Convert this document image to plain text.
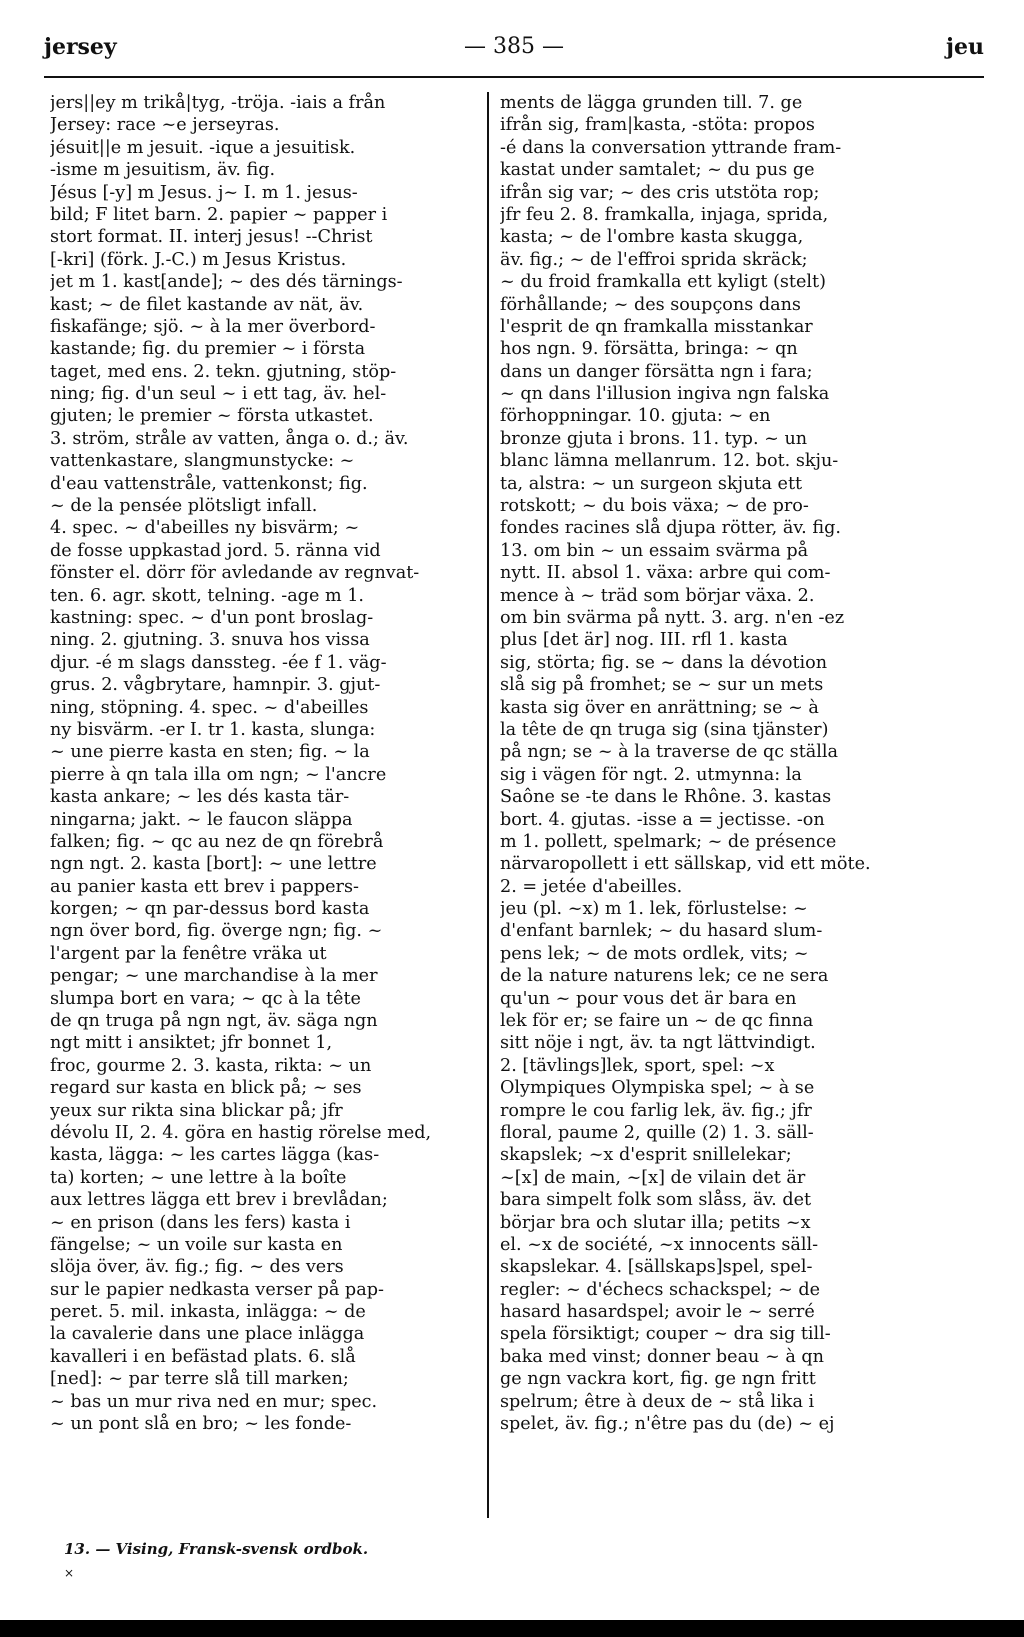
jersey	— 385 —	jeu
jers||ey m trikå|tyg, -tröja. -iais a från
Jersey: race ~e jerseyras.
jésuit||e m jesuit. -ique a jesuitisk.
-isme m jesuitism, äv. fig.
Jésus [-y] m Jesus. j~ I. m 1. jesus-
bild; F litet barn. 2. papier ~ papper i
stort format. II. interj jesus! --Christ
[-kri] (förk. J.-C.) m Jesus Kristus.
jet m 1. kast[ande]; ~ des dés tärnings-
kast; ~ de filet kastande av nät, äv.
fiskafänge; sjö. ~ à la mer överbord-
kastande; fig. du premier ~ i första
taget, med ens. 2. tekn. gjutning, stöp-
ning; fig. d'un seul ~ i ett tag, äv. hel-
gjuten; le premier ~ första utkastet.
3. ström, stråle av vatten, ånga o. d.; äv.
vattenkastare, slangmunstycke: ~
d'eau vattenstråle, vattenkonst; fig.
~ de la pensée plötsligt infall.
4. spec. ~ d'abeilles ny bisvärm; ~
de fosse uppkastad jord. 5. ränna vid
fönster el. dörr för avledande av regnvat-
ten. 6. agr. skott, telning. -age m 1.
kastning: spec. ~ d'un pont broslag-
ning. 2. gjutning. 3. snuva hos vissa
djur. -é m slags danssteg. -ée f 1. väg-
grus. 2. vågbrytare, hamnpir. 3. gjut-
ning, stöpning. 4. spec. ~ d'abeilles
ny bisvärm. -er I. tr 1. kasta, slunga:
~ une pierre kasta en sten; fig. ~ la
pierre à qn tala illa om ngn; ~ l'ancre
kasta ankare; ~ les dés kasta tär-
ningarna; jakt. ~ le faucon släppa
falken; fig. ~ qc au nez de qn förebrå
ngn ngt. 2. kasta [bort]: ~ une lettre
au panier kasta ett brev i pappers-
korgen; ~ qn par-dessus bord kasta
ngn över bord, fig. överge ngn; fig. ~
l'argent par la fenêtre vräka ut
pengar; ~ une marchandise à la mer
slumpa bort en vara; ~ qc à la tête
de qn truga på ngn ngt, äv. säga ngn
ngt mitt i ansiktet; jfr bonnet 1,
froc, gourme 2. 3. kasta, rikta: ~ un
regard sur kasta en blick på; ~ ses
yeux sur rikta sina blickar på; jfr
dévolu II, 2. 4. göra en hastig rörelse med,
kasta, lägga: ~ les cartes lägga (kas-
ta) korten; ~ une lettre à la boîte
aux lettres lägga ett brev i brevlådan;
~ en prison (dans les fers) kasta i
fängelse; ~ un voile sur kasta en
slöja över, äv. fig.; fig. ~ des vers
sur le papier nedkasta verser på pap-
peret. 5. mil. inkasta, inlägga: ~ de
la cavalerie dans une place inlägga
kavalleri i en befästad plats. 6. slå
[ned]: ~ par terre slå till marken;
~ bas un mur riva ned en mur; spec.
~ un pont slå en bro; ~ les fonde-
ments de lägga grunden till. 7. ge
ifrån sig, fram|kasta, -stöta: propos
-é dans la conversation yttrande fram-
kastat under samtalet; ~ du pus ge
ifrån sig var; ~ des cris utstöta rop;
jfr feu 2. 8. framkalla, injaga, sprida,
kasta; ~ de l'ombre kasta skugga,
äv. fig.; ~ de l'effroi sprida skräck;
~ du froid framkalla ett kyligt (stelt)
förhållande; ~ des soupçons dans
l'esprit de qn framkalla misstankar
hos ngn. 9. försätta, bringa: ~ qn
dans un danger försätta ngn i fara;
~ qn dans l'illusion ingiva ngn falska
förhoppningar. 10. gjuta: ~ en
bronze gjuta i brons. 11. typ. ~ un
blanc lämna mellanrum. 12. bot. skju-
ta, alstra: ~ un surgeon skjuta ett
rotskott; ~ du bois växa; ~ de pro-
fondes racines slå djupa rötter, äv. fig.
13. om bin ~ un essaim svärma på
nytt. II. absol 1. växa: arbre qui com-
mence à ~ träd som börjar växa. 2.
om bin svärma på nytt. 3. arg. n'en -ez
plus [det är] nog. III. rfl 1. kasta
sig, störta; fig. se ~ dans la dévotion
slå sig på fromhet; se ~ sur un mets
kasta sig över en anrättning; se ~ à
la tête de qn truga sig (sina tjänster)
på ngn; se ~ à la traverse de qc ställa
sig i vägen för ngt. 2. utmynna: la
Saône se -te dans le Rhône. 3. kastas
bort. 4. gjutas. -isse a = jectisse. -on
m 1. pollett, spelmark; ~ de présence
närvaropollett i ett sällskap, vid ett möte.
2. = jetée d'abeilles.
jeu (pl. ~x) m 1. lek, förlustelse: ~
d'enfant barnlek; ~ du hasard slum-
pens lek; ~ de mots ordlek, vits; ~
de la nature naturens lek; ce ne sera
qu'un ~ pour vous det är bara en
lek för er; se faire un ~ de qc finna
sitt nöje i ngt, äv. ta ngt lättvindigt.
2. [tävlings]lek, sport, spel: ~x
Olympiques Olympiska spel; ~ à se
rompre le cou farlig lek, äv. fig.; jfr
floral, paume 2, quille (2) 1. 3. säll-
skapslek; ~x d'esprit snillelekar;
~[x] de main, ~[x] de vilain det är
bara simpelt folk som slåss, äv. det
börjar bra och slutar illa; petits ~x
el. ~x de société, ~x innocents säll-
skapslekar. 4. [sällskaps]spel, spel-
regler: ~ d'échecs schackspel; ~ de
hasard hasardspel; avoir le ~ serré
spela försiktigt; couper ~ dra sig till-
baka med vinst; donner beau ~ à qn
ge ngn vackra kort, fig. ge ngn fritt
spelrum; être à deux de ~ stå lika i
spelet, äv. fig.; n'être pas du (de) ~ ej
13. — Vising, Fransk-svensk ordbok.
×
